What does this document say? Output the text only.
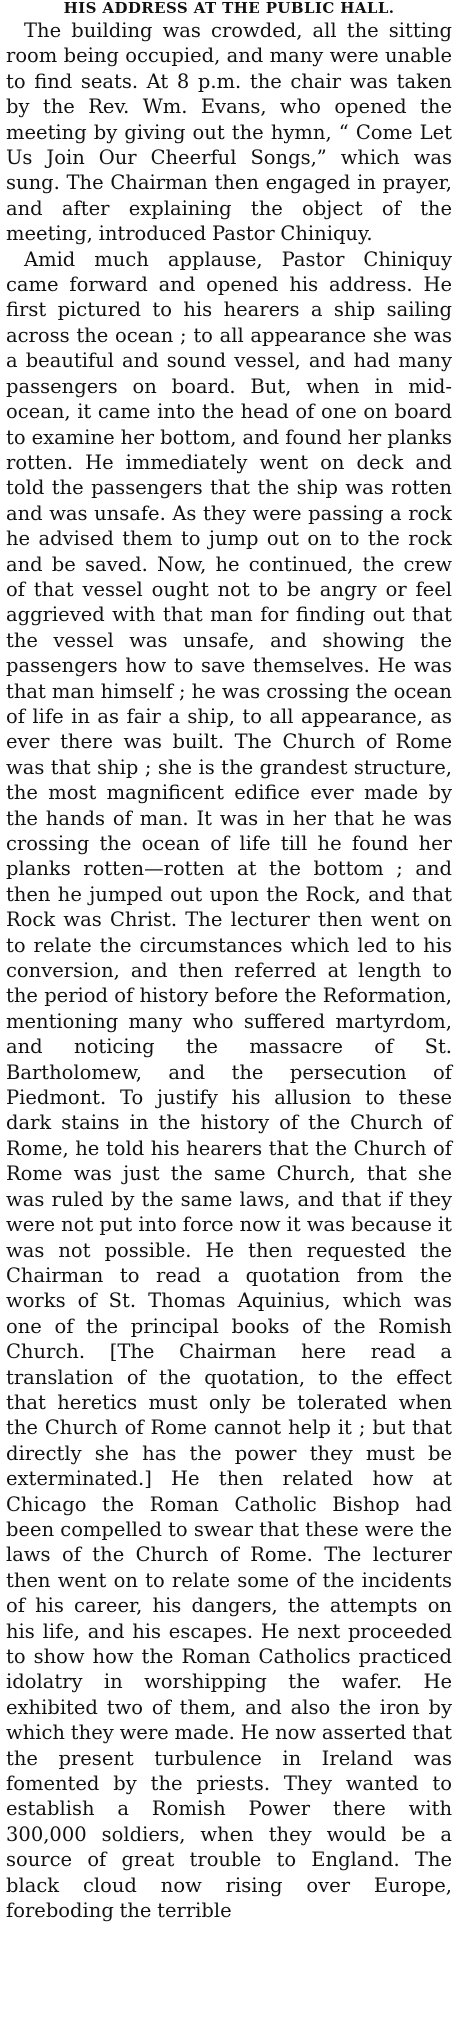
HIS ADDRESS AT THE PUBLIC HALL.

The building was crowded, all the sitting room being occupied, and many were unable to find seats. At 8 p.m. the chair was taken by the Rev. Wm. Evans, who opened the meeting by giving out the hymn, “ Come Let Us Join Our Cheerful Songs,” which was sung. The Chairman then engaged in prayer, and after explaining the object of the meeting, introduced Pastor Chiniquy.

Amid much applause, Pastor Chiniquy came forward and opened his address. He first pictured to his hearers a ship sailing across the ocean ; to all appearance she was a beautiful and sound vessel, and had many passengers on board. But, when in mid-ocean, it came into the head of one on board to examine her bottom, and found her planks rotten. He immediately went on deck and told the passengers that the ship was rotten and was unsafe. As they were passing a rock he advised them to jump out on to the rock and be saved. Now, he continued, the crew of that vessel ought not to be angry or feel aggrieved with that man for finding out that the vessel was unsafe, and showing the passengers how to save themselves. He was that man himself ; he was crossing the ocean of life in as fair a ship, to all appearance, as ever there was built. The Church of Rome was that ship ; she is the grandest structure, the most magnificent edifice ever made by the hands of man. It was in her that he was crossing the ocean of life till he found her planks rotten—rotten at the bottom ; and then he jumped out upon the Rock, and that Rock was Christ. The lecturer then went on to relate the circumstances which led to his conversion, and then referred at length to the period of history before the Reformation, mentioning many who suffered martyrdom, and noticing the massacre of St. Bartholomew, and the persecution of Piedmont. To justify his allusion to these dark stains in the history of the Church of Rome, he told his hearers that the Church of Rome was just the same Church, that she was ruled by the same laws, and that if they were not put into force now it was because it was not possible. He then requested the Chairman to read a quotation from the works of St. Thomas Aquinius, which was one of the principal books of the Romish Church. [The Chairman here read a translation of the quotation, to the effect that heretics must only be tolerated when the Church of Rome cannot help it ; but that directly she has the power they must be exterminated.] He then related how at Chicago the Roman Catholic Bishop had been compelled to swear that these were the laws of the Church of Rome. The lecturer then went on to relate some of the incidents of his career, his dangers, the attempts on his life, and his escapes. He next proceeded to show how the Roman Catholics practiced idolatry in worshipping the wafer. He exhibited two of them, and also the iron by which they were made. He now asserted that the present turbulence in Ireland was fomented by the priests. They wanted to establish a Romish Power there with 300,000 soldiers, when they would be a source of great trouble to England. The black cloud now rising over Europe, foreboding the terrible
